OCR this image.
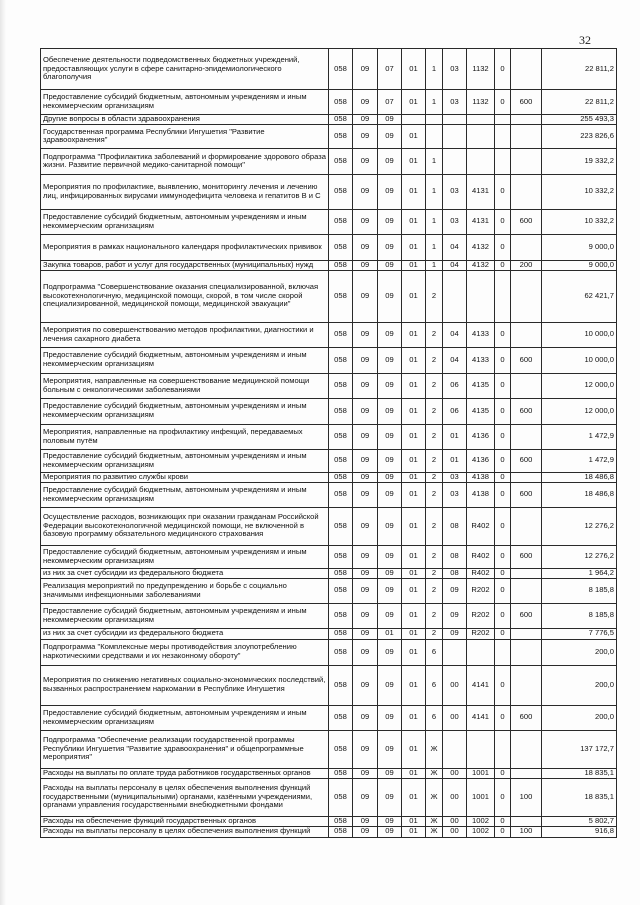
32
Обеспечение деятельности подведомственных бюджетных учреждений, предоставляющих услуги в сфере санитарно-эпидемиологического благополучия	058	09	07	01	1	03	1132	0		22 811,2

Предоставление субсидий бюджетным, автономным учреждениям и иным некоммерческим организациям	058	09	07	01	1	03	1132	0	600	22 811,2

Другие вопросы в области здравоохранения	058	09	09							255 493,3

Государственная программа Республики Ингушетия "Развитие здравоохранения"	058	09	09	01						223 826,6

Подпрограмма "Профилактика заболеваний и формирование здорового образа жизни. Развитие первичной медико-санитарной помощи"	058	09	09	01	1					19 332,2

Мероприятия по профилактике, выявлению, мониторингу лечения и лечению лиц, инфицированных вирусами иммунодефицита человека и гепатитов В и С	058	09	09	01	1	03	4131	0		10 332,2

Предоставление субсидий бюджетным, автономным учреждениям и иным некоммерческим организациям	058	09	09	01	1	03	4131	0	600	10 332,2

Мероприятия в рамках национального календаря профилактических прививок	058	09	09	01	1	04	4132	0		9 000,0

Закупка товаров, работ и услуг для государственных (муниципальных) нужд	058	09	09	01	1	04	4132	0	200	9 000,0

Подпрограмма "Совершенствование оказания специализированной, включая высокотехнологичную, медицинской помощи, скорой, в том числе скорой специализированной, медицинской помощи, медицинской эвакуации"	058	09	09	01	2					62 421,7

Мероприятия по совершенствованию методов профилактики, диагностики и лечения сахарного диабета	058	09	09	01	2	04	4133	0		10 000,0

Предоставление субсидий бюджетным, автономным учреждениям и иным некоммерческим организациям	058	09	09	01	2	04	4133	0	600	10 000,0

Мероприятия, направленные на совершенствование медицинской помощи больным с онкологическими заболеваниями	058	09	09	01	2	06	4135	0		12 000,0

Предоставление субсидий бюджетным, автономным учреждениям и иным некоммерческим организациям	058	09	09	01	2	06	4135	0	600	12 000,0

Мероприятия, направленные на профилактику инфекций, передаваемых половым путём	058	09	09	01	2	01	4136	0		1 472,9

Предоставление субсидий бюджетным, автономным учреждениям и иным некоммерческим организациям	058	09	09	01	2	01	4136	0	600	1 472,9

Мероприятия по развитию службы крови	058	09	09	01	2	03	4138	0		18 486,8

Предоставление субсидий бюджетным, автономным учреждениям и иным некоммерческим организациям	058	09	09	01	2	03	4138	0	600	18 486,8

Осуществление расходов, возникающих при оказании гражданам Российской Федерации высокотехнологичной медицинской помощи, не включенной в базовую программу обязательного медицинского страхования	058	09	09	01	2	08	R402	0		12 276,2

Предоставление субсидий бюджетным, автономным учреждениям и иным некоммерческим организациям	058	09	09	01	2	08	R402	0	600	12 276,2

из них за счет субсидии из федерального бюджета	058	09	09	01	2	08	R402	0		1 964,2

Реализация мероприятий по предупреждению и борьбе с социально значимыми инфекционными заболеваниями	058	09	09	01	2	09	R202	0		8 185,8

Предоставление субсидий бюджетным, автономным учреждениям и иным некоммерческим организациям	058	09	09	01	2	09	R202	0	600	8 185,8

из них за счет субсидии из федерального бюджета	058	09	01	01	2	09	R202	0		7 776,5

Подпрограмма "Комплексные меры противодействия злоупотреблению наркотическими средствами и их незаконному обороту"	058	09	09	01	6					200,0

Мероприятия по снижению негативных социально-экономических последствий, вызванных распространением наркомании в Республике Ингушетия	058	09	09	01	6	00	4141	0		200,0

Предоставление субсидий бюджетным, автономным учреждениям и иным некоммерческим организациям	058	09	09	01	6	00	4141	0	600	200,0

Подпрограмма "Обеспечение реализации государственной программы Республики Ингушетия "Развитие здравоохранения" и общепрограммные мероприятия"	058	09	09	01	Ж					137 172,7

Расходы на выплаты по оплате труда работников государственных органов	058	09	09	01	Ж	00	1001	0		18 835,1

Расходы на выплаты персоналу в целях обеспечения выполнения функций государственными (муниципальными) органами, казёнными учреждениями, органами управления государственными внебюджетными фондами	058	09	09	01	Ж	00	1001	0	100	18 835,1

Расходы на обеспечение функций государственных органов	058	09	09	01	Ж	00	1002	0		5 802,7

Расходы на выплаты персоналу в целях обеспечения выполнения функций	058	09	09	01	Ж	00	1002	0	100	916,8
